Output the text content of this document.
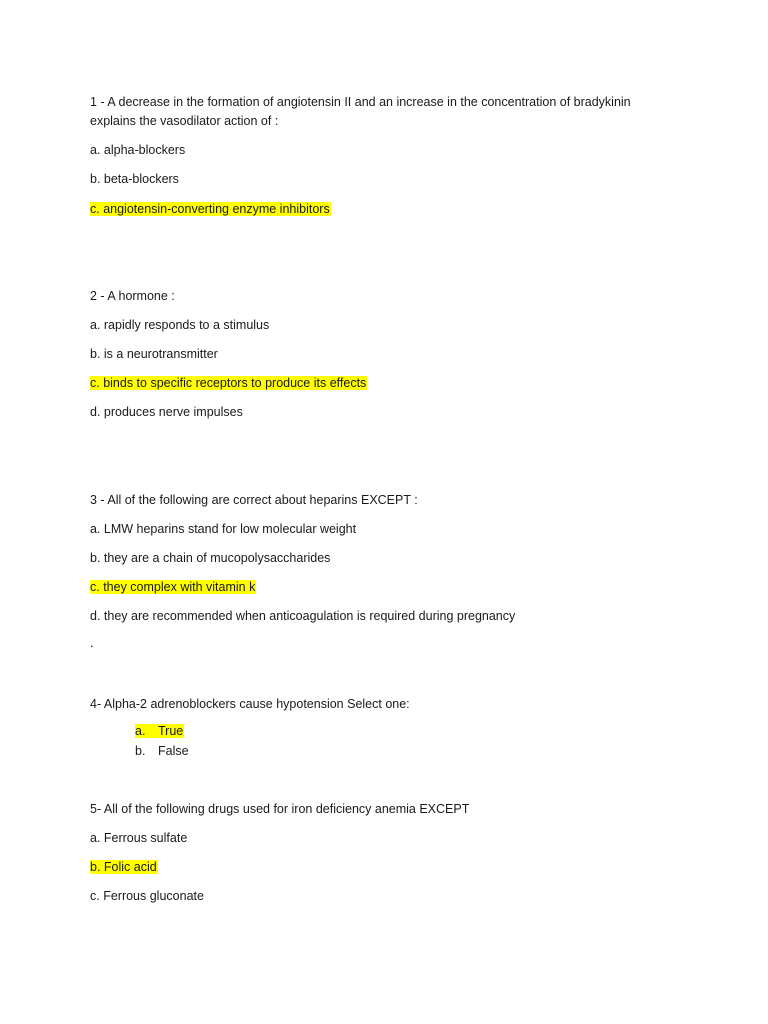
1 - A decrease in the formation of angiotensin II and an increase in the concentration of bradykinin
explains the vasodilator action of :
a. alpha-blockers
b. beta-blockers
c. angiotensin-converting enzyme inhibitors
2 - A hormone :
a. rapidly responds to a stimulus
b. is a neurotransmitter
c. binds to specific receptors to produce its effects
d. produces nerve impulses
3 - All of the following are correct about heparins EXCEPT :
a. LMW heparins stand for low molecular weight
b. they are a chain of mucopolysaccharides
c. they complex with vitamin k
d. they are recommended when anticoagulation is required during pregnancy
.
4- Alpha-2 adrenoblockers cause hypotension Select one:
a. True
b. False
5- All of the following drugs used for iron deficiency anemia EXCEPT
a. Ferrous sulfate
b. Folic acid
c. Ferrous gluconate
